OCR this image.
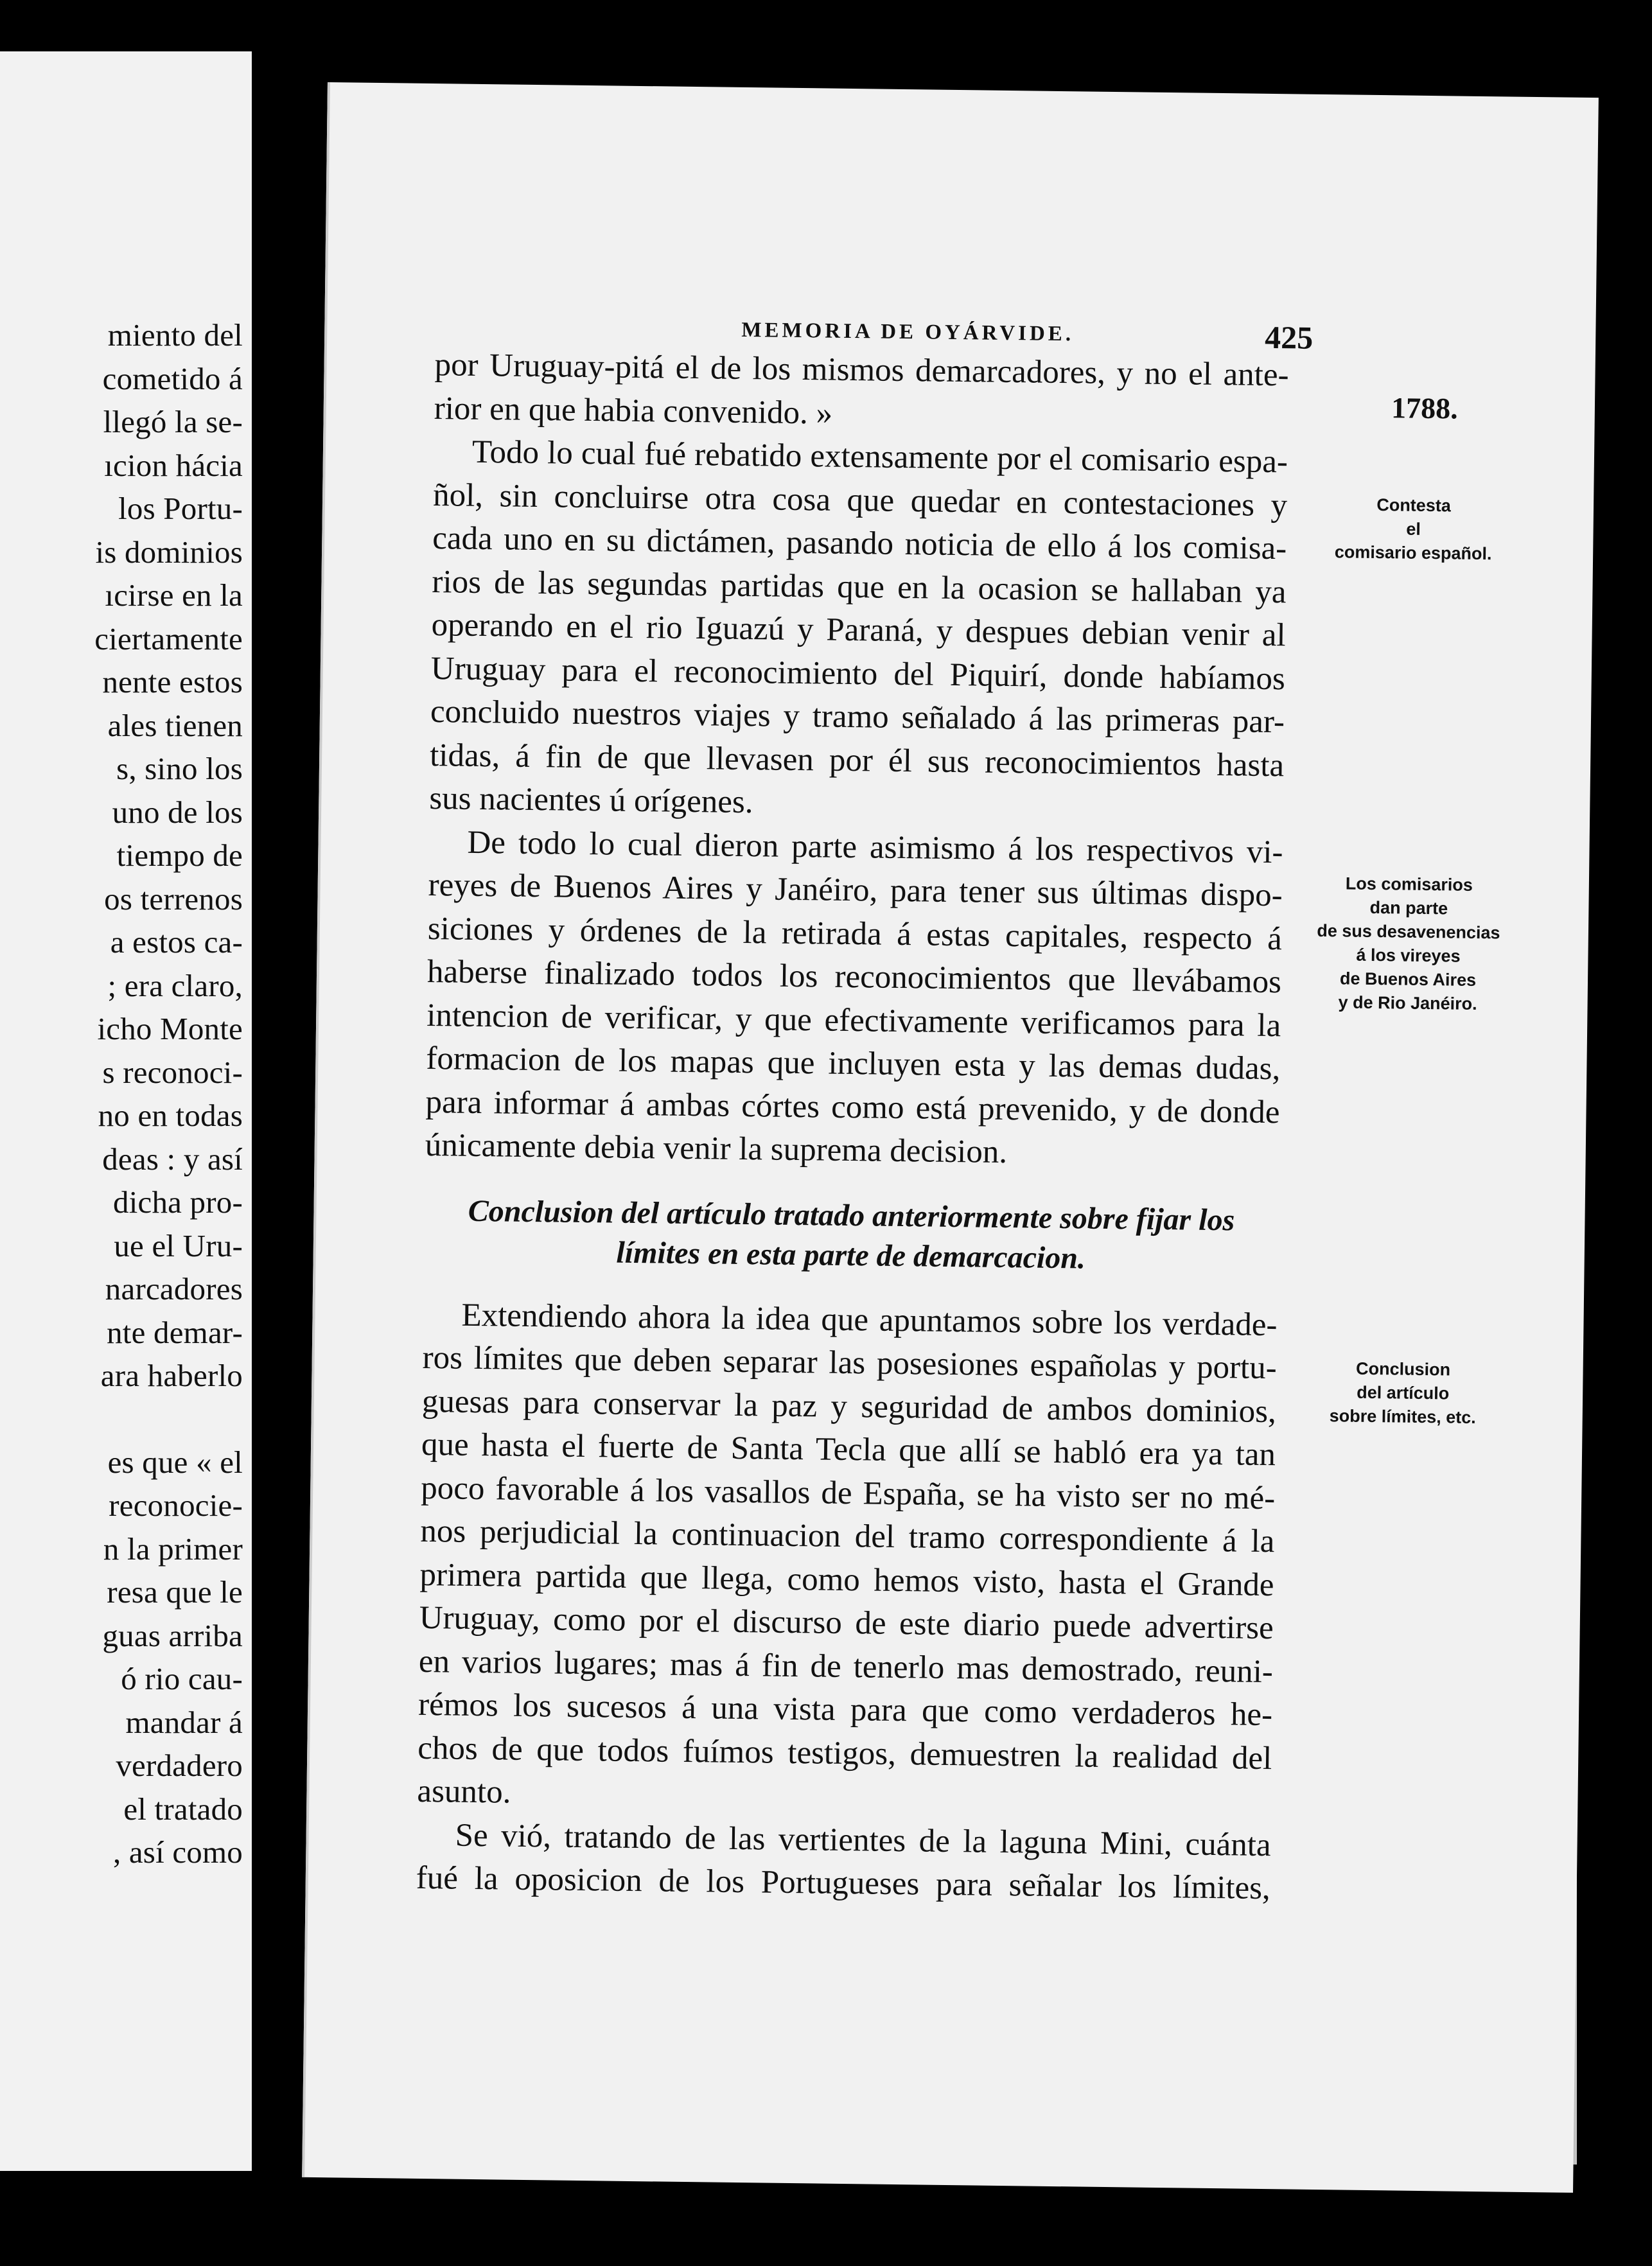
miento del
cometido á
llegó la se-
ıcion hácia
los Portu-
is dominios
ıcirse en la
ciertamente
nente estos
ales tienen
s, sino los
uno de los
tiempo de
os terrenos
a estos ca-
; era claro,
icho Monte
s reconoci-
no en todas
deas : y así
dicha pro-
ue el Uru-
narcadores
nte demar-
ara haberlo
es que « el
reconocie-
n la primer
resa que le
guas arriba
ó rio cau-
mandar á
verdadero
el tratado
, así como
MEMORIA DE OYÁRVIDE.	425
por Uruguay-pitá el de los mismos demarcadores, y no el ante-
rior en que habia convenido. »
Todo lo cual fué rebatido extensamente por el comisario espa-
ñol, sin concluirse otra cosa que quedar en contestaciones y
cada uno en su dictámen, pasando noticia de ello á los comisa-
rios de las segundas partidas que en la ocasion se hallaban ya
operando en el rio Iguazú y Paraná, y despues debian venir al
Uruguay para el reconocimiento del Piquirí, donde habíamos
concluido nuestros viajes y tramo señalado á las primeras par-
tidas, á fin de que llevasen por él sus reconocimientos hasta
sus nacientes ú orígenes.
De todo lo cual dieron parte asimismo á los respectivos vi-
reyes de Buenos Aires y Janéiro, para tener sus últimas dispo-
siciones y órdenes de la retirada á estas capitales, respecto á
haberse finalizado todos los reconocimientos que llevábamos
intencion de verificar, y que efectivamente verificamos para la
formacion de los mapas que incluyen esta y las demas dudas,
para informar á ambas córtes como está prevenido, y de donde
únicamente debia venir la suprema decision.
Conclusion del artículo tratado anteriormente sobre fijar los
límites en esta parte de demarcacion.
Extendiendo ahora la idea que apuntamos sobre los verdade-
ros límites que deben separar las posesiones españolas y portu-
guesas para conservar la paz y seguridad de ambos dominios,
que hasta el fuerte de Santa Tecla que allí se habló era ya tan
poco favorable á los vasallos de España, se ha visto ser no mé-
nos perjudicial la continuacion del tramo correspondiente á la
primera partida que llega, como hemos visto, hasta el Grande
Uruguay, como por el discurso de este diario puede advertirse
en varios lugares; mas á fin de tenerlo mas demostrado, reuni-
rémos los sucesos á una vista para que como verdaderos he-
chos de que todos fuímos testigos, demuestren la realidad del
asunto.
Se vió, tratando de las vertientes de la laguna Mini, cuánta
fué la oposicion de los Portugueses para señalar los límites,
1788.
Contesta
el
comisario español.
Los comisarios
dan parte
de sus desavenencias
á los vireyes
de Buenos Aires
y de Rio Janéiro.
Conclusion
del artículo
sobre límites, etc.
